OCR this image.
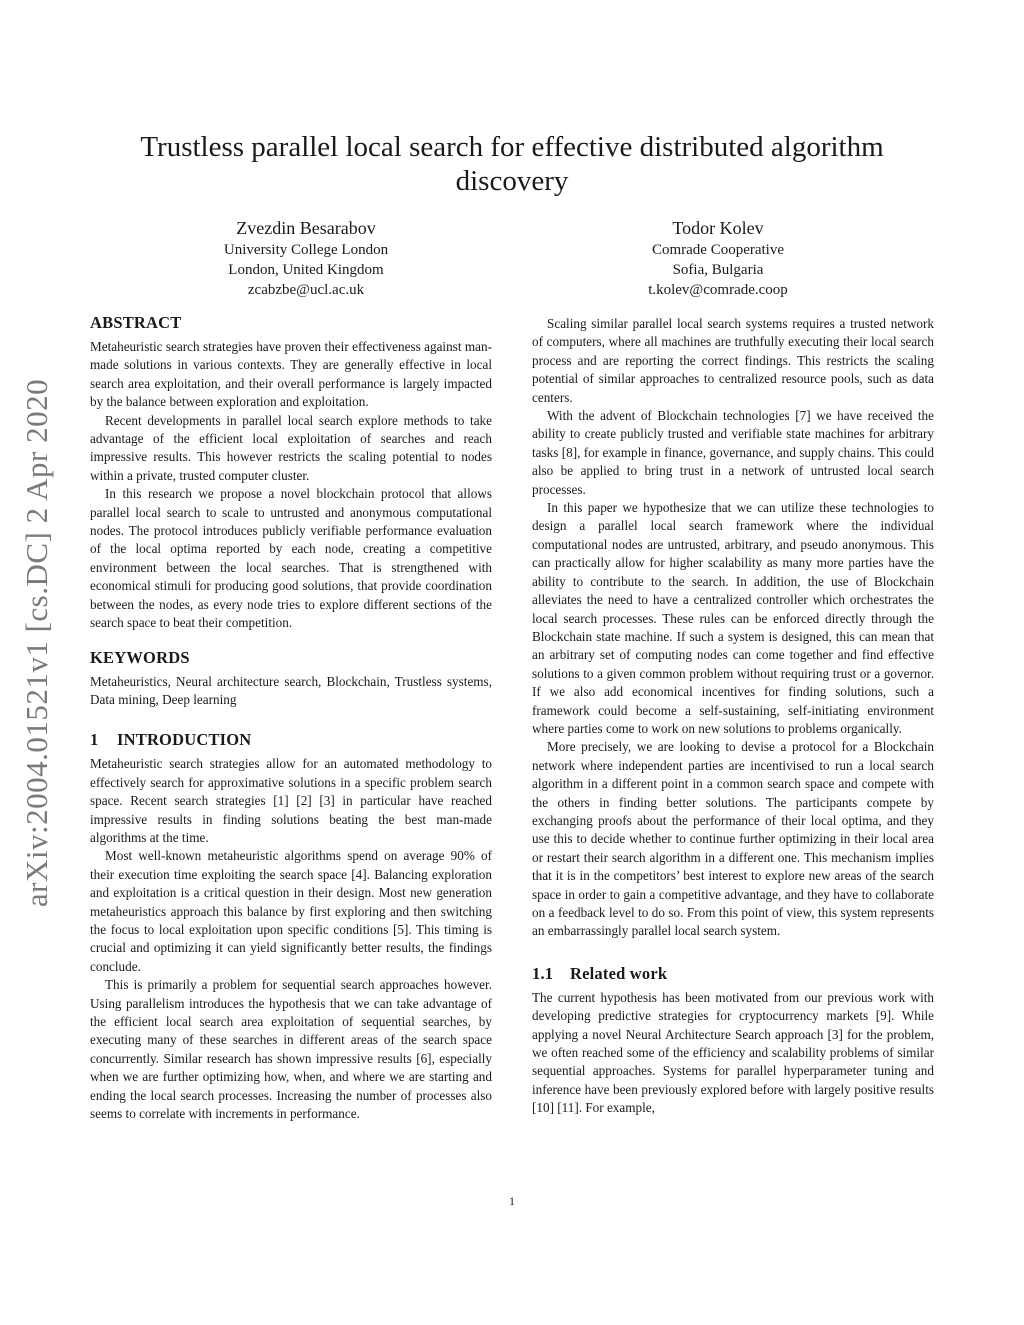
arXiv:2004.01521v1 [cs.DC] 2 Apr 2020
Trustless parallel local search for effective distributed algorithm discovery
Zvezdin Besarabov
University College London
London, United Kingdom
zcabzbe@ucl.ac.uk
Todor Kolev
Comrade Cooperative
Sofia, Bulgaria
t.kolev@comrade.coop
ABSTRACT

Metaheuristic search strategies have proven their effectiveness against man-made solutions in various contexts. They are generally effective in local search area exploitation, and their overall performance is largely impacted by the balance between exploration and exploitation.

Recent developments in parallel local search explore methods to take advantage of the efficient local exploitation of searches and reach impressive results. This however restricts the scaling potential to nodes within a private, trusted computer cluster.

In this research we propose a novel blockchain protocol that allows parallel local search to scale to untrusted and anonymous computational nodes. The protocol introduces publicly verifiable performance evaluation of the local optima reported by each node, creating a competitive environment between the local searches. That is strengthened with economical stimuli for producing good solutions, that provide coordination between the nodes, as every node tries to explore different sections of the search space to beat their competition.

KEYWORDS

Metaheuristics, Neural architecture search, Blockchain, Trustless systems, Data mining, Deep learning

1 INTRODUCTION

Metaheuristic search strategies allow for an automated methodology to effectively search for approximative solutions in a specific problem search space. Recent search strategies [1] [2] [3] in particular have reached impressive results in finding solutions beating the best man-made algorithms at the time.

Most well-known metaheuristic algorithms spend on average 90% of their execution time exploiting the search space [4]. Balancing exploration and exploitation is a critical question in their design. Most new generation metaheuristics approach this balance by first exploring and then switching the focus to local exploitation upon specific conditions [5]. This timing is crucial and optimizing it can yield significantly better results, the findings conclude.

This is primarily a problem for sequential search approaches however. Using parallelism introduces the hypothesis that we can take advantage of the efficient local search area exploitation of sequential searches, by executing many of these searches in different areas of the search space concurrently. Similar research has shown impressive results [6], especially when we are further optimizing how, when, and where we are starting and ending the local search processes. Increasing the number of processes also seems to correlate with increments in performance.

Scaling similar parallel local search systems requires a trusted network of computers, where all machines are truthfully executing their local search process and are reporting the correct findings. This restricts the scaling potential of similar approaches to centralized resource pools, such as data centers.

With the advent of Blockchain technologies [7] we have received the ability to create publicly trusted and verifiable state machines for arbitrary tasks [8], for example in finance, governance, and supply chains. This could also be applied to bring trust in a network of untrusted local search processes.

In this paper we hypothesize that we can utilize these technologies to design a parallel local search framework where the individual computational nodes are untrusted, arbitrary, and pseudo anonymous. This can practically allow for higher scalability as many more parties have the ability to contribute to the search. In addition, the use of Blockchain alleviates the need to have a centralized controller which orchestrates the local search processes. These rules can be enforced directly through the Blockchain state machine. If such a system is designed, this can mean that an arbitrary set of computing nodes can come together and find effective solutions to a given common problem without requiring trust or a governor. If we also add economical incentives for finding solutions, such a framework could become a self-sustaining, self-initiating environment where parties come to work on new solutions to problems organically.

More precisely, we are looking to devise a protocol for a Blockchain network where independent parties are incentivised to run a local search algorithm in a different point in a common search space and compete with the others in finding better solutions. The participants compete by exchanging proofs about the performance of their local optima, and they use this to decide whether to continue further optimizing in their local area or restart their search algorithm in a different one. This mechanism implies that it is in the competitors’ best interest to explore new areas of the search space in order to gain a competitive advantage, and they have to collaborate on a feedback level to do so. From this point of view, this system represents an embarrassingly parallel local search system.

1.1 Related work

The current hypothesis has been motivated from our previous work with developing predictive strategies for cryptocurrency markets [9]. While applying a novel Neural Architecture Search approach [3] for the problem, we often reached some of the efficiency and scalability problems of similar sequential approaches. Systems for parallel hyperparameter tuning and inference have been previously explored before with largely positive results [10] [11]. For example,

1
